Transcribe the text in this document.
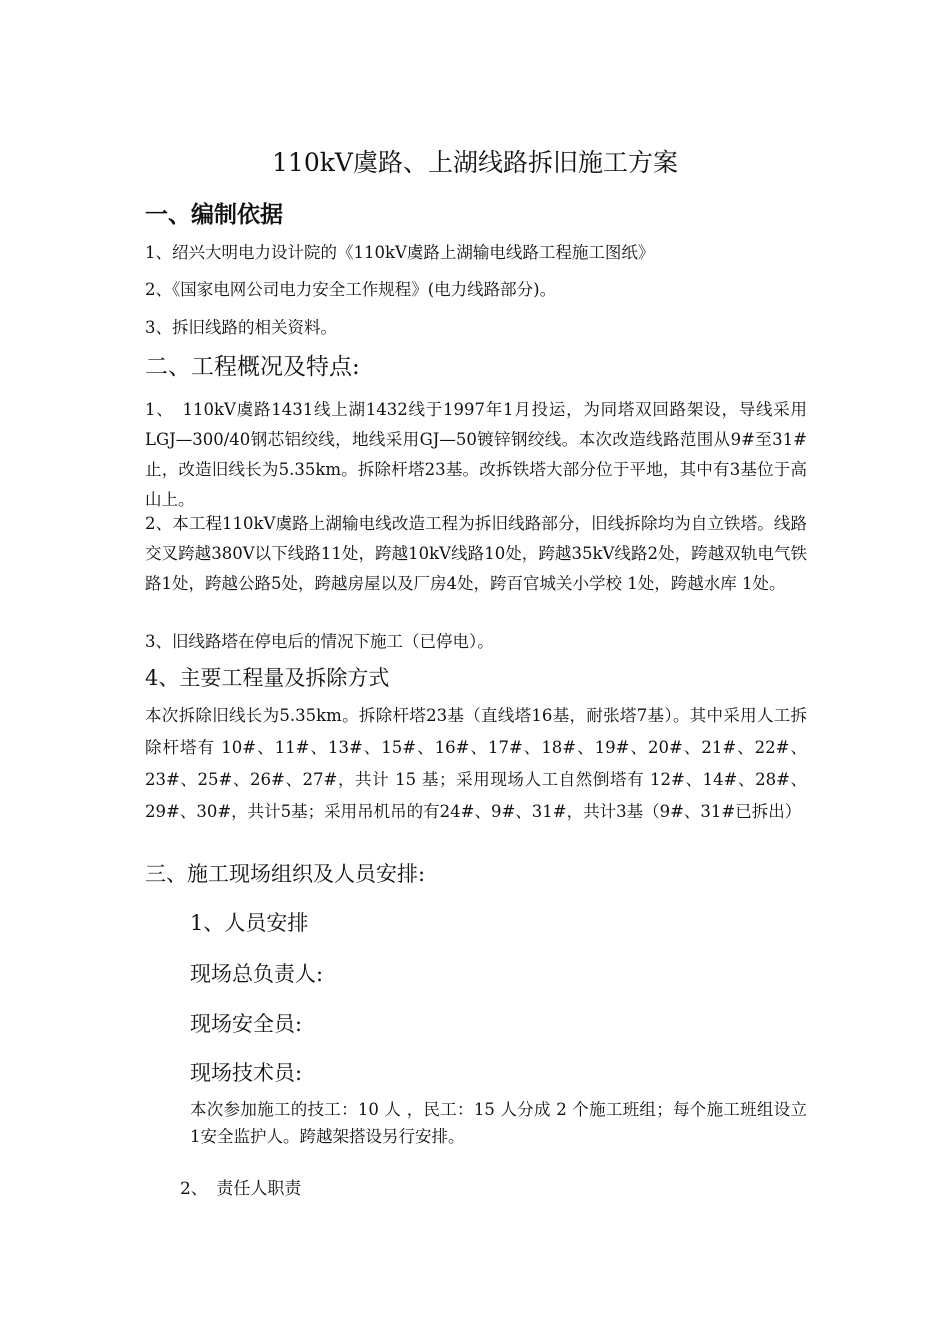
110kV虞路、上湖线路拆旧施工方案
一、编制依据
1、绍兴大明电力设计院的《110kV虞路上湖输电线路工程施工图纸》
2、《国家电网公司电力安全工作规程》(电力线路部分)。
3、拆旧线路的相关资料。
二、工程概况及特点:
1、　110kV虞路1431线上湖1432线于1997年1月投运，为同塔双回路架设，导线采用LGJ—300/40钢芯铝绞线，地线采用GJ—50镀锌钢绞线。本次改造线路范围从9#至31#止，改造旧线长为5.35km。拆除杆塔23基。改拆铁塔大部分位于平地，其中有3基位于高山上。
2、本工程110kV虞路上湖输电线改造工程为拆旧线路部分，旧线拆除均为自立铁塔。线路交叉跨越380V以下线路11处，跨越10kV线路10处，跨越35kV线路2处，跨越双轨电气铁路1处，跨越公路5处，跨越房屋以及厂房4处，跨百官城关小学校 1处，跨越水库 1处。
3、旧线路塔在停电后的情况下施工（已停电）。
4、主要工程量及拆除方式
本次拆除旧线长为5.35km。拆除杆塔23基（直线塔16基，耐张塔7基）。其中采用人工拆除杆塔有 10#、11#、13#、15#、16#、17#、18#、19#、20#、21#、22#、23#、25#、26#、27#，共计 15 基；采用现场人工自然倒塔有 12#、14#、28#、29#、30#，共计5基；采用吊机吊的有24#、9#、31#，共计3基（9#、31#已拆出）
三、施工现场组织及人员安排:
1、人员安排
现场总负责人:
现场安全员:
现场技术员:
本次参加施工的技工：10 人 ，民工：15 人分成 2 个施工班组；每个施工班组设立1安全监护人。跨越架搭设另行安排。
2、　责任人职责
